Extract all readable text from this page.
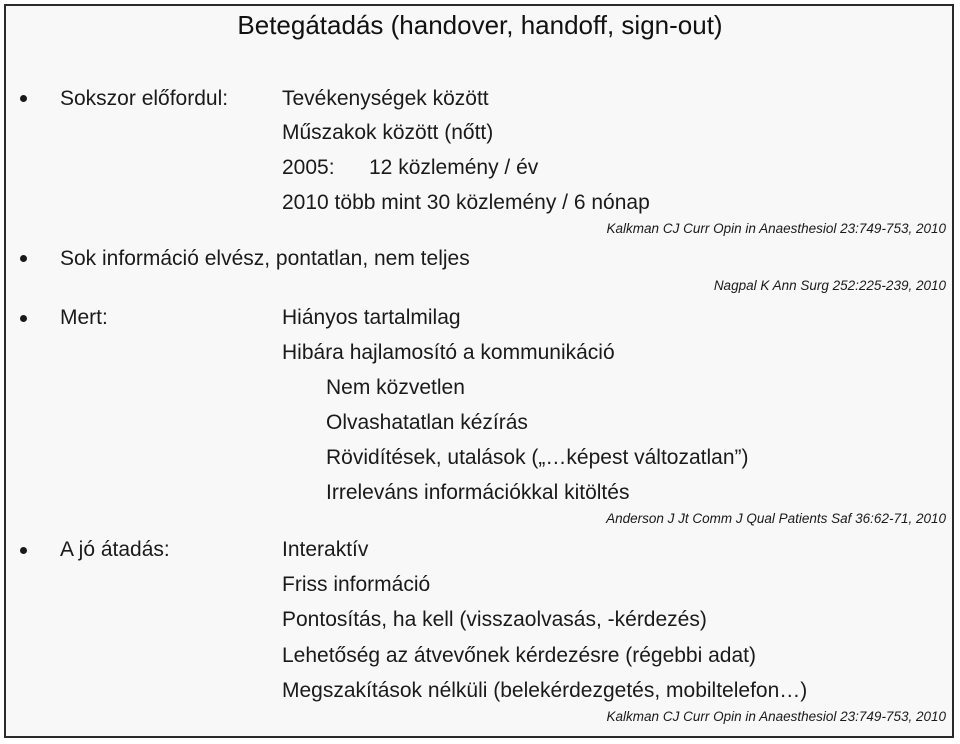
Betegátadás (handover, handoff, sign-out)
Sokszor előfordul:	Tevékenységek között
Műszakok között (nőtt)
2005: 12 közlemény / év
2010 több mint 30 közlemény / 6 nónap
Kalkman CJ Curr Opin in Anaesthesiol 23:749-753, 2010
Sok információ elvész, pontatlan, nem teljes
Nagpal K Ann Surg 252:225-239, 2010
Mert:	Hiányos tartalmilag
Hibára hajlamosító a kommunikáció
Nem közvetlen
Olvashatatlan kézírás
Rövidítések, utalások („…képest változatlan”)
Irreleváns információkkal kitöltés
Anderson J Jt Comm J Qual Patients Saf 36:62-71, 2010
A jó átadás:	Interaktív
Friss információ
Pontosítás, ha kell (visszaolvasás, -kérdezés)
Lehetőség az átvevőnek kérdezésre (régebbi adat)
Megszakítások nélküli (belekérdezgetés, mobiltelefon…)
Kalkman CJ Curr Opin in Anaesthesiol 23:749-753, 2010
